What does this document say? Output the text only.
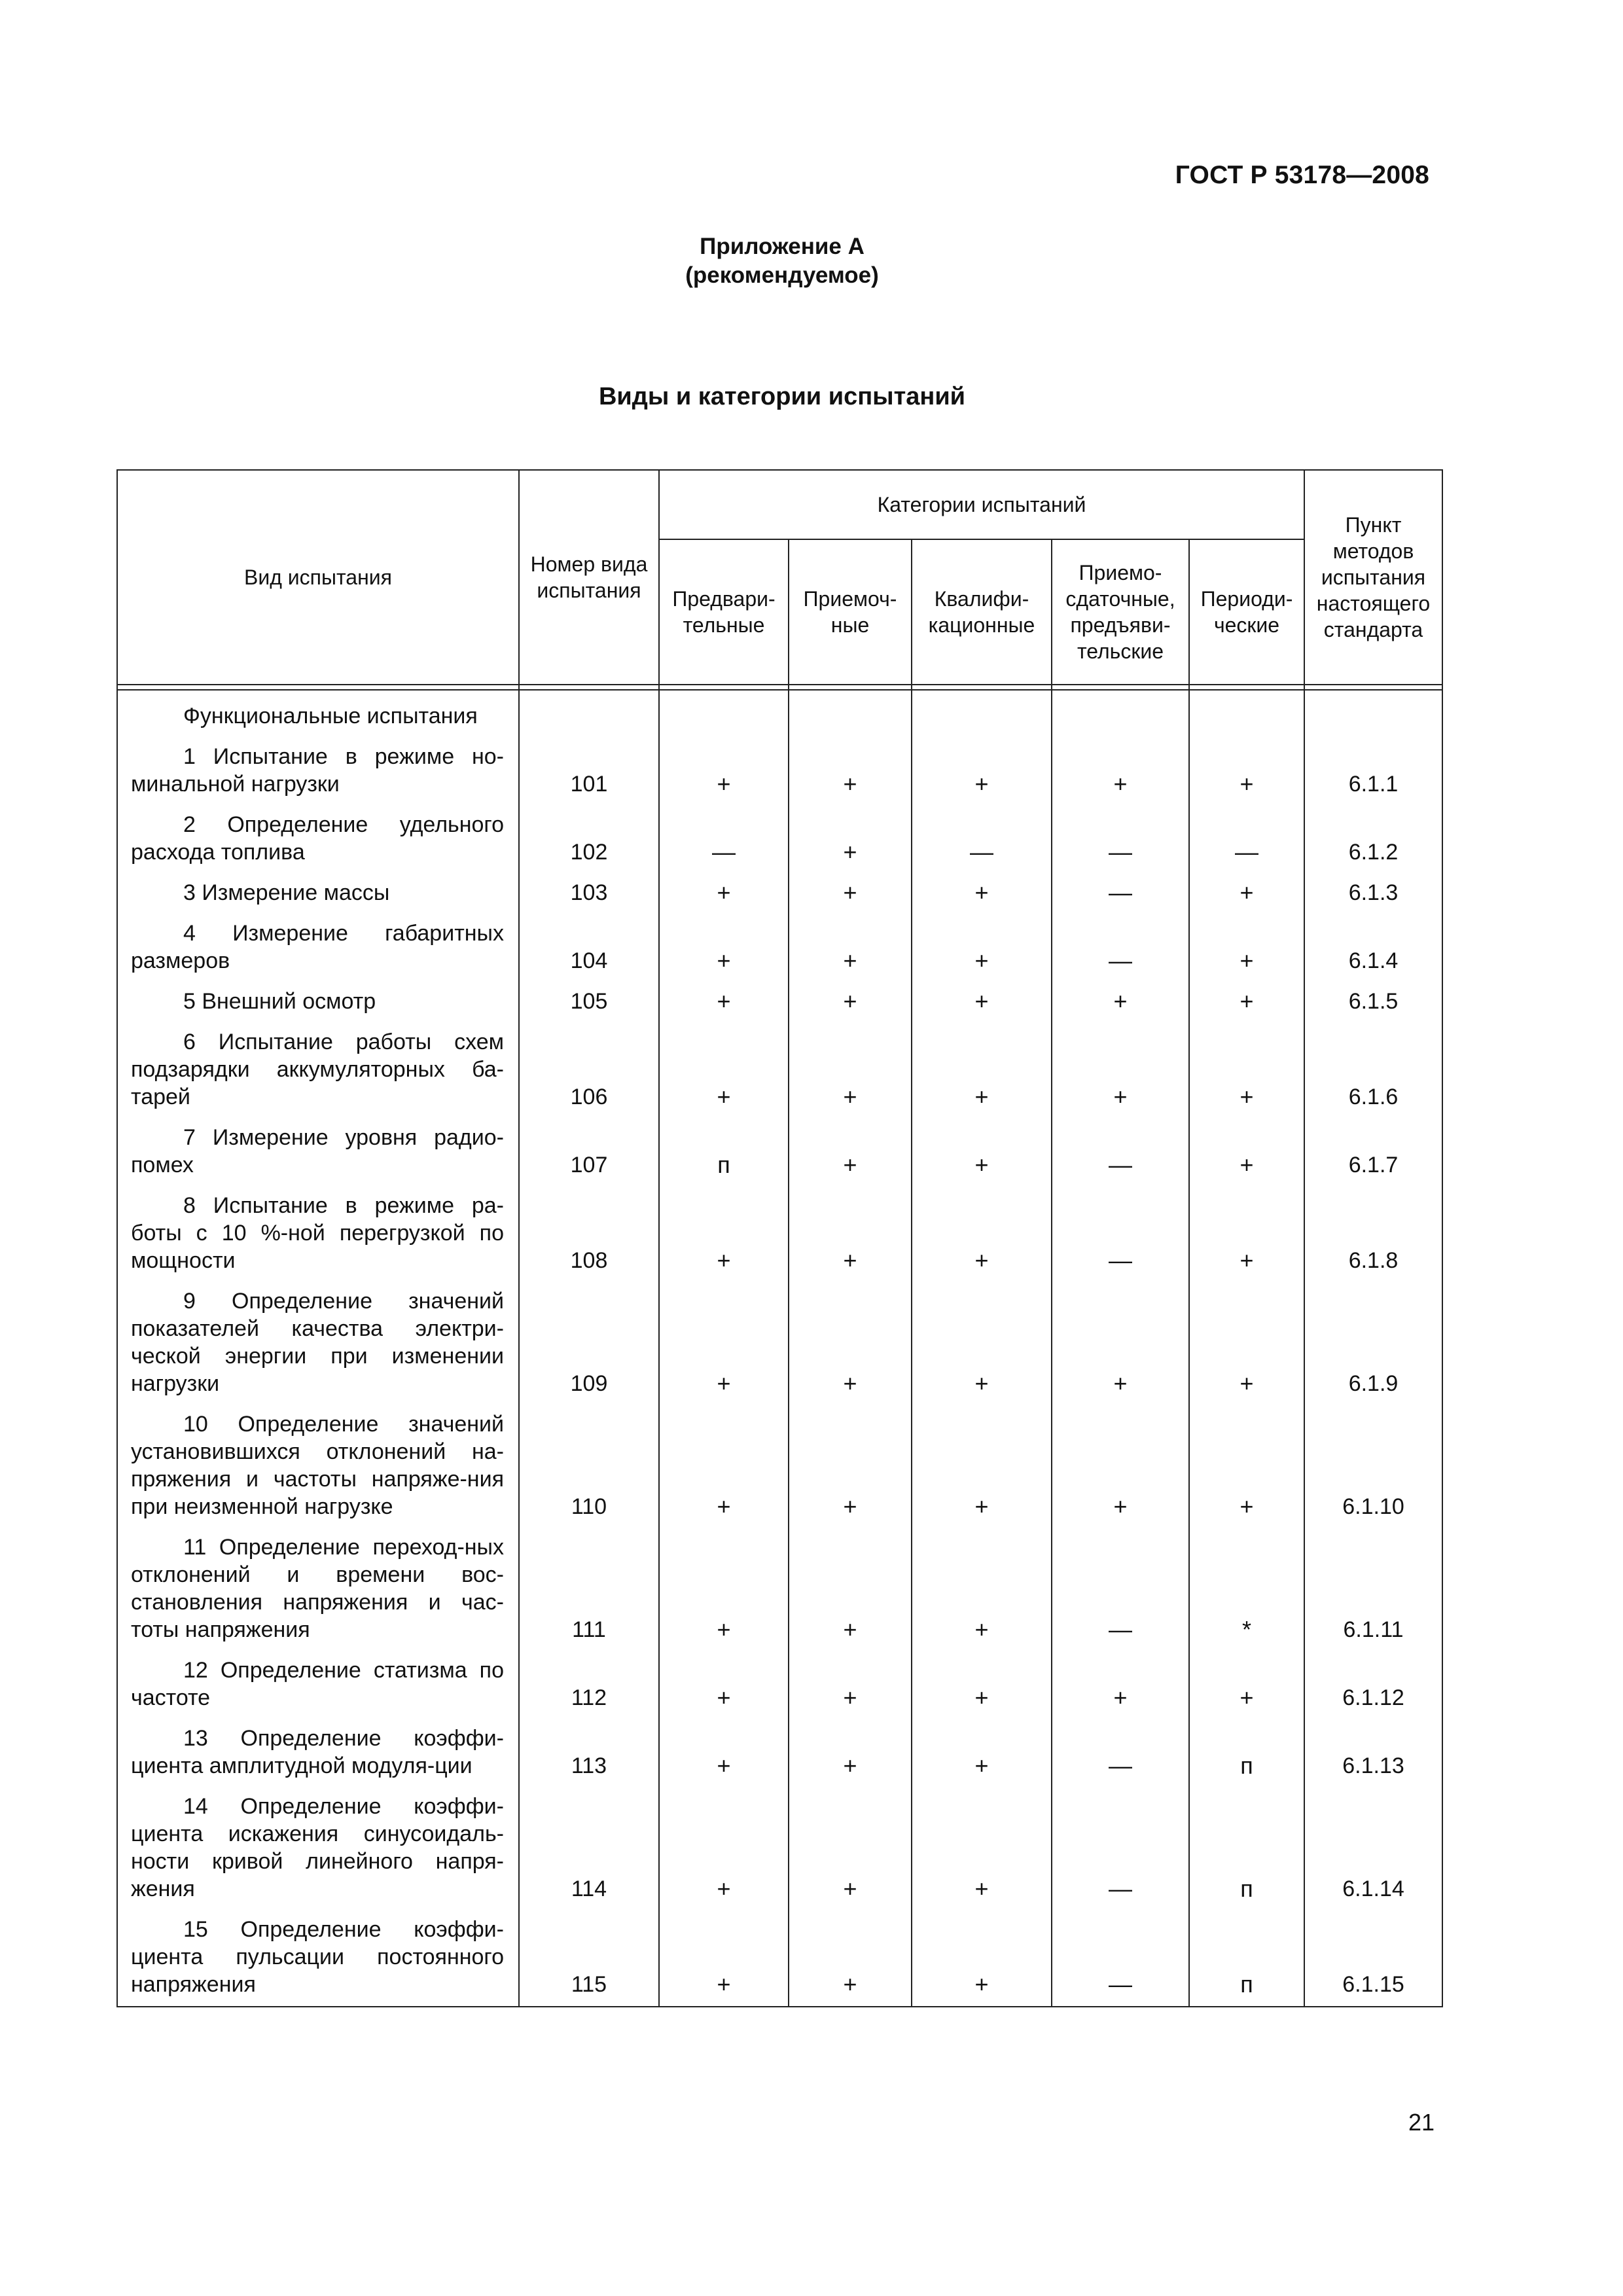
ГОСТ Р 53178—2008
Приложение А
(рекомендуемое)
Виды и категории испытаний
Вид испытания	Номер вида испытания	Категории испытаний					Пункт методов испытания настоящего стандарта
		Предвари-тельные	Приемоч-ные	Квалифи-кационные	Приемо-сдаточные, предъяви-тельские	Периоди-ческие	

Функциональные испытания							

1 Испытание в режиме но-минальной нагрузки	101	+	+	+	+	+	6.1.1

2 Определение удельного расхода топлива	102	—	+	—	—	—	6.1.2

3 Измерение массы	103	+	+	+	—	+	6.1.3

4 Измерение габаритных размеров	104	+	+	+	—	+	6.1.4

5 Внешний осмотр	105	+	+	+	+	+	6.1.5

6 Испытание работы схем подзарядки аккумуляторных ба-тарей	106	+	+	+	+	+	6.1.6

7 Измерение уровня радио-помех	107	п	+	+	—	+	6.1.7

8 Испытание в режиме ра-боты с 10 %-ной перегрузкой по мощности	108	+	+	+	—	+	6.1.8

9 Определение значений показателей качества электри-ческой энергии при изменении нагрузки	109	+	+	+	+	+	6.1.9

10 Определение значений установившихся отклонений на-пряжения и частоты напряже-ния при неизменной нагрузке	110	+	+	+	+	+	6.1.10

11 Определение переход-ных отклонений и времени вос-становления напряжения и час-тоты напряжения	111	+	+	+	—	*	6.1.11

12 Определение статизма по частоте	112	+	+	+	+	+	6.1.12

13 Определение коэффи-циента амплитудной модуля-ции	113	+	+	+	—	п	6.1.13

14 Определение коэффи-циента искажения синусоидаль-ности кривой линейного напря-жения	114	+	+	+	—	п	6.1.14

15 Определение коэффи-циента пульсации постоянного напряжения	115	+	+	+	—	п	6.1.15
21
